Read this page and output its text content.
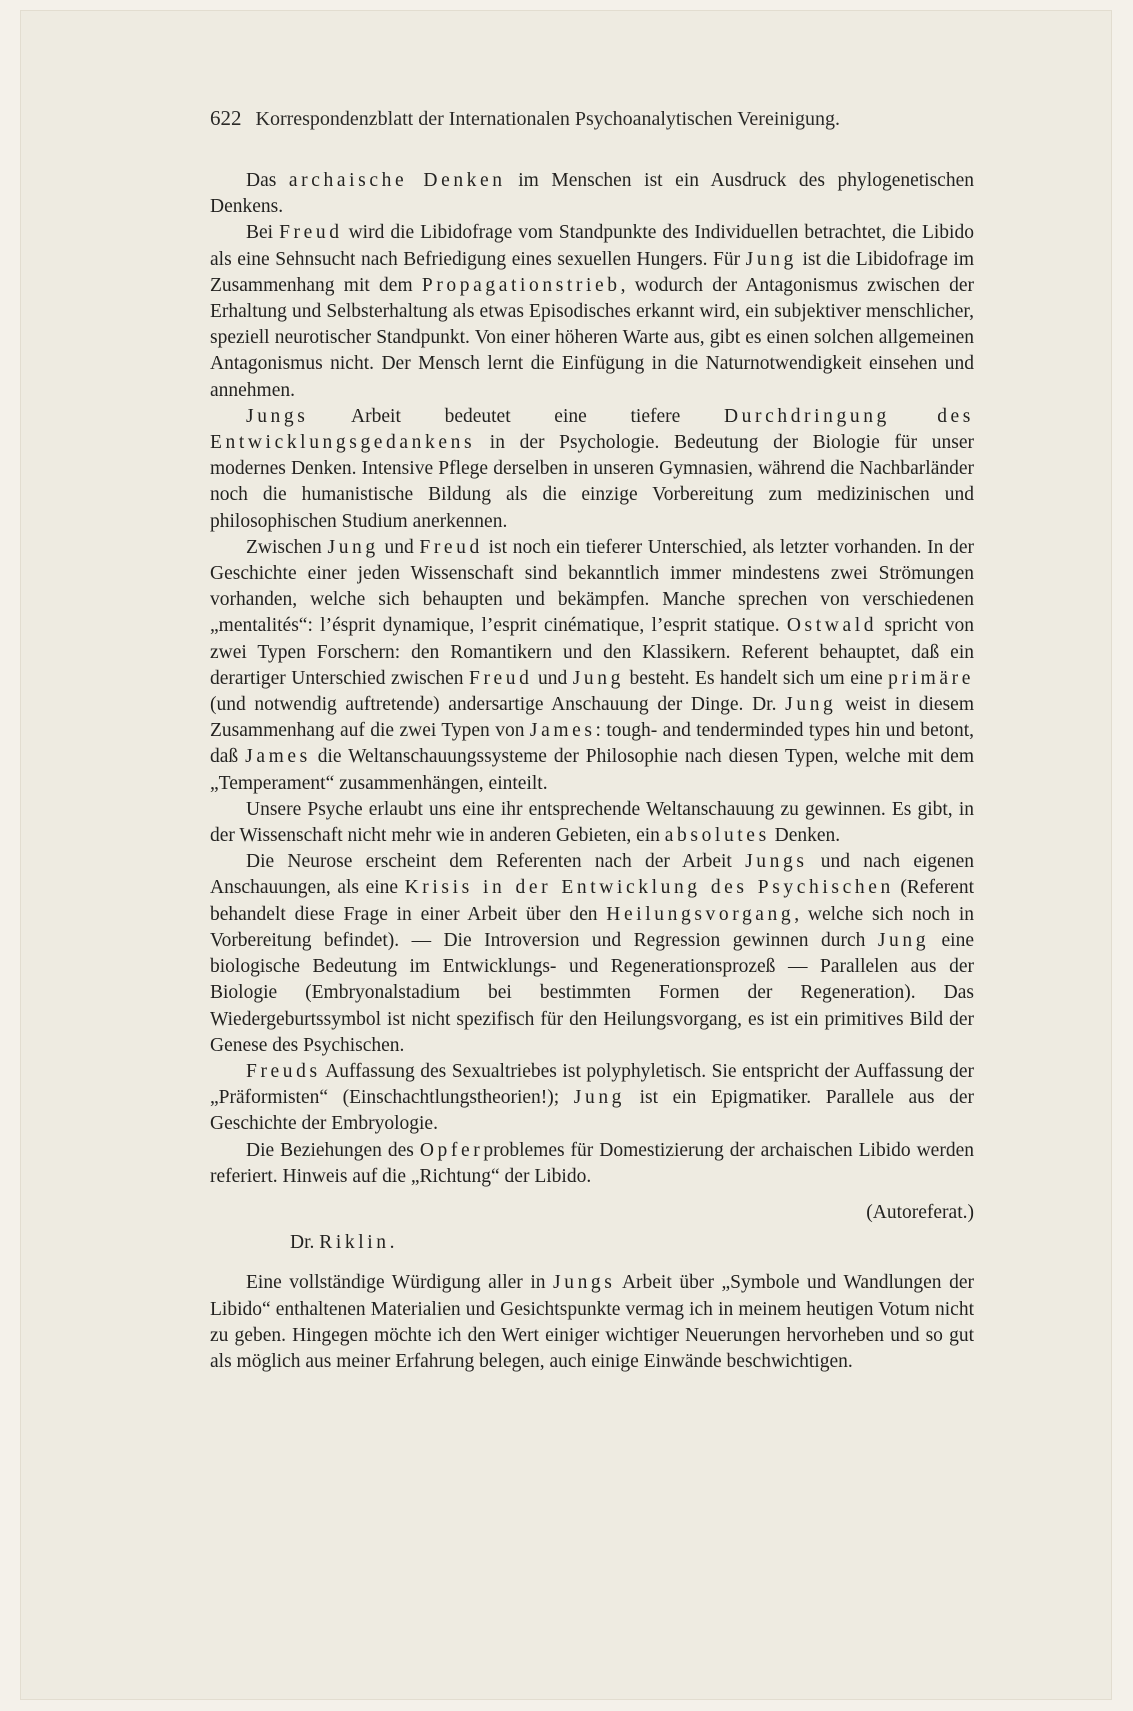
622 Korrespondenzblatt der Internationalen Psychoanalytischen Vereinigung.

Das archaische Denken im Menschen ist ein Ausdruck des phylogenetischen Denkens.

Bei Freud wird die Libidofrage vom Standpunkte des Individuellen betrachtet, die Libido als eine Sehnsucht nach Befriedigung eines sexuellen Hungers. Für Jung ist die Libidofrage im Zusammenhang mit dem Propagationstrieb, wodurch der Antagonismus zwischen der Erhaltung und Selbsterhaltung als etwas Episodisches erkannt wird, ein subjektiver menschlicher, speziell neurotischer Standpunkt. Von einer höheren Warte aus, gibt es einen solchen allgemeinen Antagonismus nicht. Der Mensch lernt die Einfügung in die Naturnotwendigkeit einsehen und annehmen.

Jungs Arbeit bedeutet eine tiefere Durchdringung des Entwicklungsgedankens in der Psychologie. Bedeutung der Biologie für unser modernes Denken. Intensive Pflege derselben in unseren Gymnasien, während die Nachbarländer noch die humanistische Bildung als die einzige Vorbereitung zum medizinischen und philosophischen Studium anerkennen.

Zwischen Jung und Freud ist noch ein tieferer Unterschied, als letzter vorhanden. In der Geschichte einer jeden Wissenschaft sind bekanntlich immer mindestens zwei Strömungen vorhanden, welche sich behaupten und bekämpfen. Manche sprechen von verschiedenen „mentalités“: l’ésprit dynamique, l’esprit cinématique, l’esprit statique. Ostwald spricht von zwei Typen Forschern: den Romantikern und den Klassikern. Referent behauptet, daß ein derartiger Unterschied zwischen Freud und Jung besteht. Es handelt sich um eine primäre (und notwendig auftretende) andersartige Anschauung der Dinge. Dr. Jung weist in diesem Zusammenhang auf die zwei Typen von James: tough- and tenderminded types hin und betont, daß James die Weltanschauungssysteme der Philosophie nach diesen Typen, welche mit dem „Temperament“ zusammenhängen, einteilt.

Unsere Psyche erlaubt uns eine ihr entsprechende Weltanschauung zu gewinnen. Es gibt, in der Wissenschaft nicht mehr wie in anderen Gebieten, ein absolutes Denken.

Die Neurose erscheint dem Referenten nach der Arbeit Jungs und nach eigenen Anschauungen, als eine Krisis in der Entwicklung des Psychischen (Referent behandelt diese Frage in einer Arbeit über den Heilungsvorgang, welche sich noch in Vorbereitung befindet). — Die Introversion und Regression gewinnen durch Jung eine biologische Bedeutung im Entwicklungs- und Regenerationsprozeß — Parallelen aus der Biologie (Embryonalstadium bei bestimmten Formen der Regeneration). Das Wiedergeburtssymbol ist nicht spezifisch für den Heilungsvorgang, es ist ein primitives Bild der Genese des Psychischen.

Freuds Auffassung des Sexualtriebes ist polyphyletisch. Sie entspricht der Auffassung der „Präformisten“ (Einschachtlungstheorien!); Jung ist ein Epigmatiker. Parallele aus der Geschichte der Embryologie.

Die Beziehungen des Opferproblemes für Domestizierung der archaischen Libido werden referiert. Hinweis auf die „Richtung“ der Libido.

(Autoreferat.)

Dr. Riklin.

Eine vollständige Würdigung aller in Jungs Arbeit über „Symbole und Wandlungen der Libido“ enthaltenen Materialien und Gesichtspunkte vermag ich in meinem heutigen Votum nicht zu geben. Hingegen möchte ich den Wert einiger wichtiger Neuerungen hervorheben und so gut als möglich aus meiner Erfahrung belegen, auch einige Einwände beschwichtigen.
